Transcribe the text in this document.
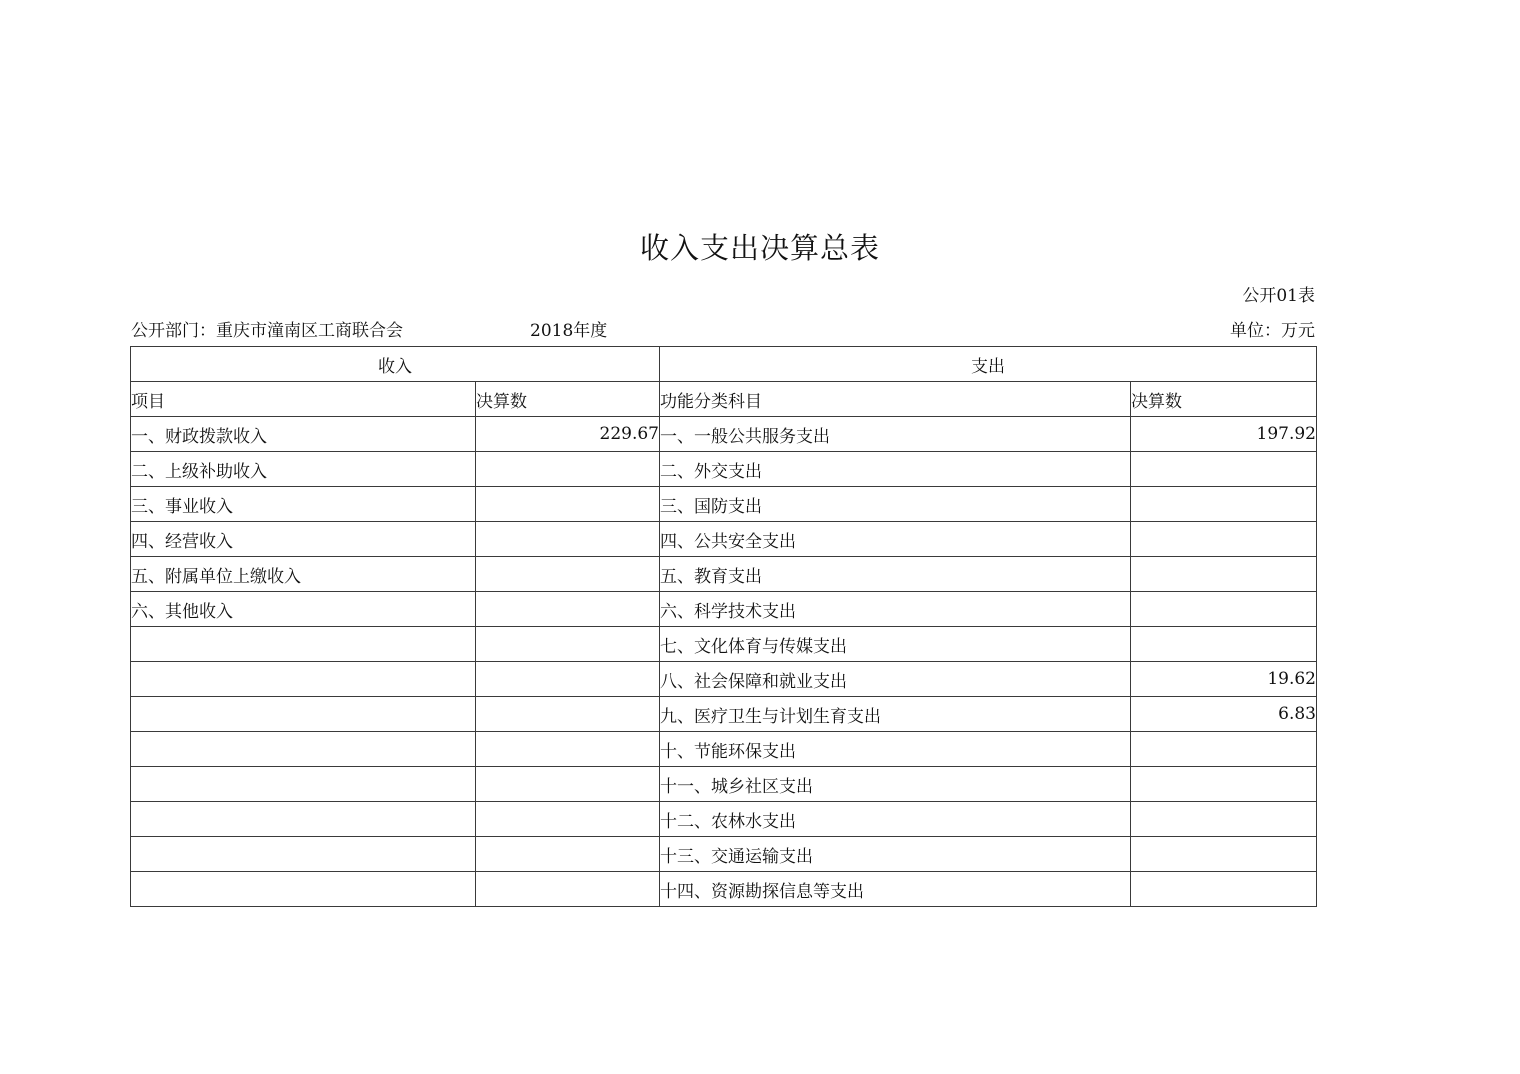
收入支出决算总表
公开01表
公开部门：重庆市潼南区工商联合会	2018年度	单位：万元
收入		支出	
项目	决算数	功能分类科目	决算数
一、财政拨款收入	229.67	一、一般公共服务支出	197.92
二、上级补助收入		二、外交支出	
三、事业收入		三、国防支出	
四、经营收入		四、公共安全支出	
五、附属单位上缴收入		五、教育支出	
六、其他收入		六、科学技术支出	
		七、文化体育与传媒支出	
		八、社会保障和就业支出	19.62
		九、医疗卫生与计划生育支出	6.83
		十、节能环保支出	
		十一、城乡社区支出	
		十二、农林水支出	
		十三、交通运输支出	
		十四、资源勘探信息等支出	
